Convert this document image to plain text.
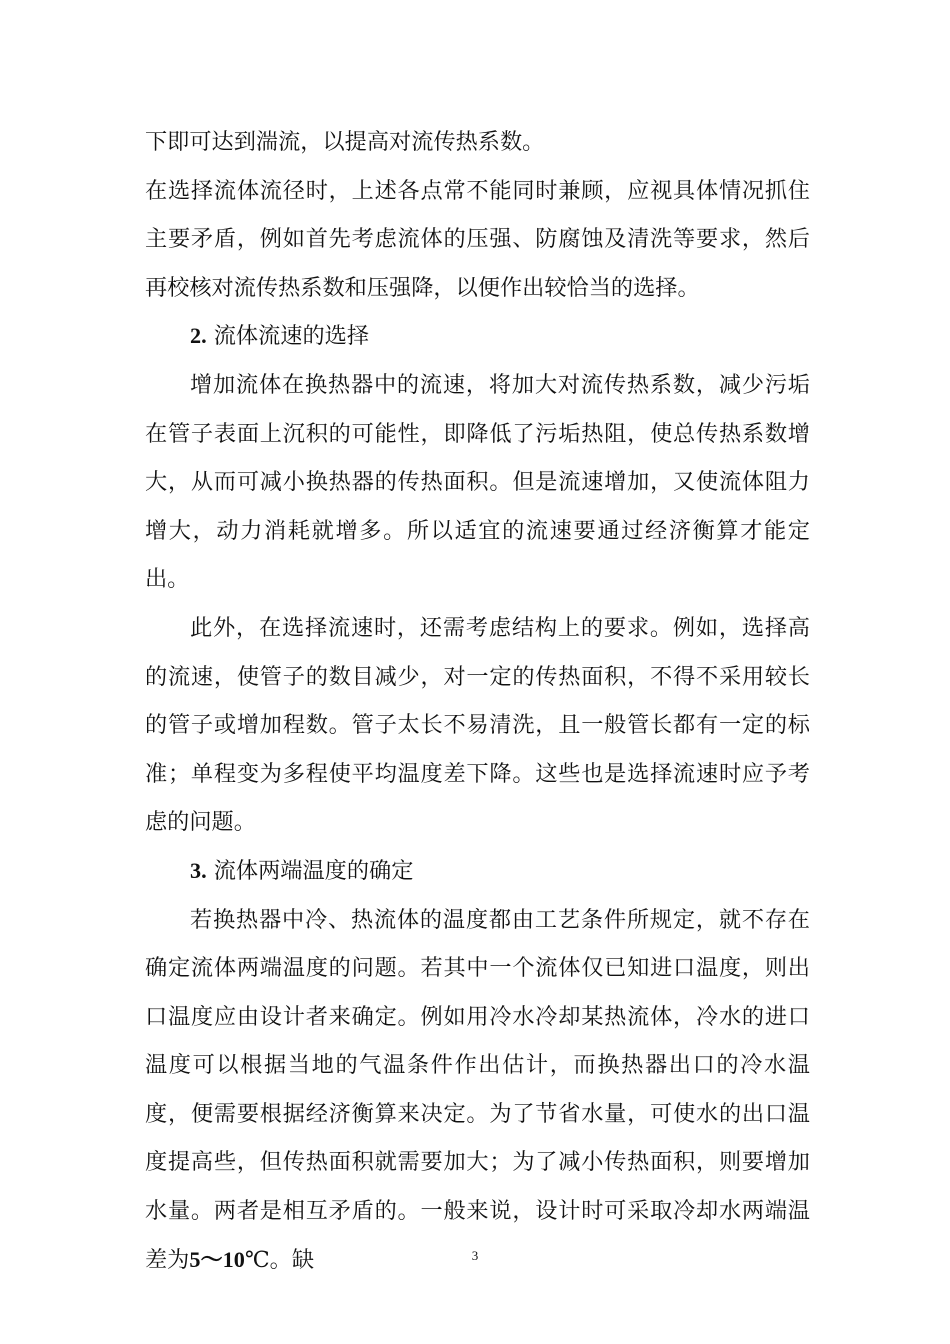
下即可达到湍流，以提高对流传热系数。

在选择流体流径时，上述各点常不能同时兼顾，应视具体情况抓住主要矛盾，例如首先考虑流体的压强、防腐蚀及清洗等要求，然后再校核对流传热系数和压强降，以便作出较恰当的选择。

2. 流体流速的选择

增加流体在换热器中的流速，将加大对流传热系数，减少污垢在管子表面上沉积的可能性，即降低了污垢热阻，使总传热系数增大，从而可减小换热器的传热面积。但是流速增加，又使流体阻力增大，动力消耗就增多。所以适宜的流速要通过经济衡算才能定出。

此外，在选择流速时，还需考虑结构上的要求。例如，选择高的流速，使管子的数目减少，对一定的传热面积，不得不采用较长的管子或增加程数。管子太长不易清洗，且一般管长都有一定的标准；单程变为多程使平均温度差下降。这些也是选择流速时应予考虑的问题。

3. 流体两端温度的确定

若换热器中冷、热流体的温度都由工艺条件所规定，就不存在确定流体两端温度的问题。若其中一个流体仅已知进口温度，则出口温度应由设计者来确定。例如用冷水冷却某热流体，冷水的进口温度可以根据当地的气温条件作出估计，而换热器出口的冷水温度，便需要根据经济衡算来决定。为了节省水量，可使水的出口温度提高些，但传热面积就需要加大；为了减小传热面积，则要增加水量。两者是相互矛盾的。一般来说，设计时可采取冷却水两端温差为5～10℃。缺	3
